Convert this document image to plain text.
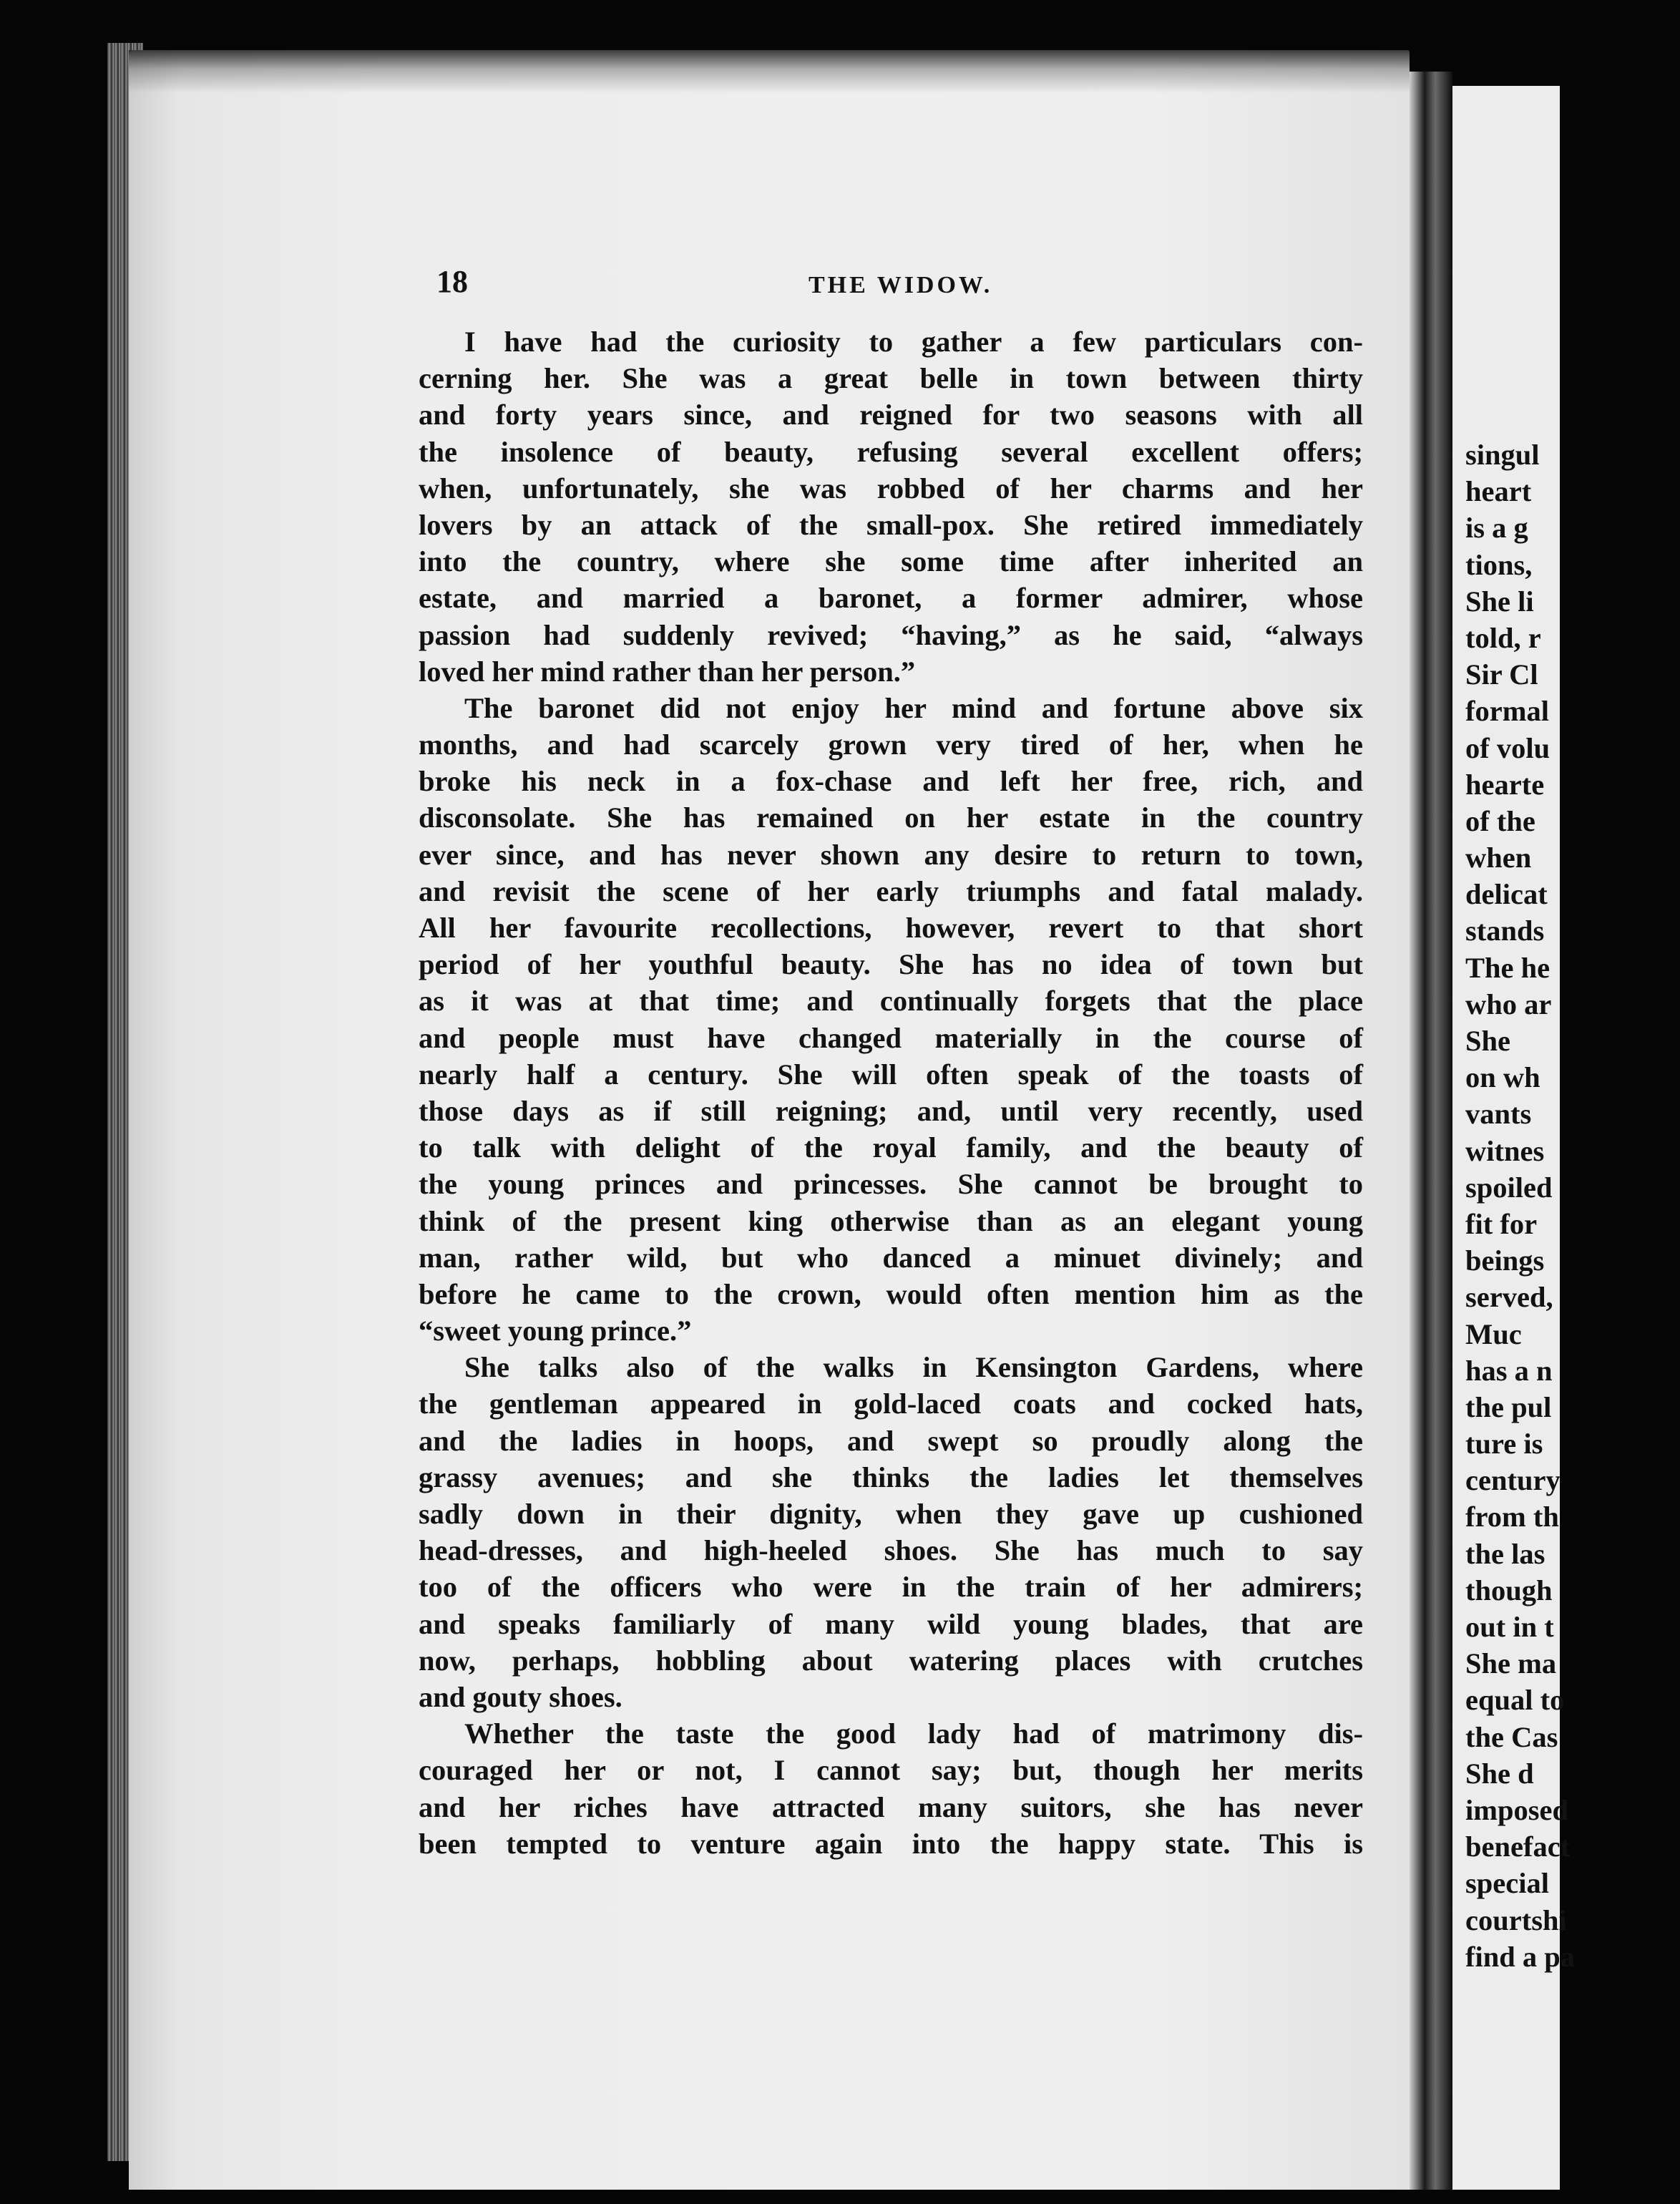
singul
heart
is a g
tions,
She li
told, r
Sir Cl
formal
of volu
hearte
of the
when
delicat
stands
The he
who ar
She
on wh
vants
witnes
spoiled
fit for
beings
served,
Muc
has a n
the pul
ture is
century
from th
the las
though
out in t
She ma
equal to
the Cas
She d
imposed
benefact
special
courtshi
find a pa
18	THE WIDOW.
I have had the curiosity to gather a few particulars con-
cerning her. She was a great belle in town between thirty
and forty years since, and reigned for two seasons with all
the insolence of beauty, refusing several excellent offers;
when, unfortunately, she was robbed of her charms and her
lovers by an attack of the small-pox. She retired immediately
into the country, where she some time after inherited an
estate, and married a baronet, a former admirer, whose
passion had suddenly revived; “having,” as he said, “always
loved her mind rather than her person.”
The baronet did not enjoy her mind and fortune above six
months, and had scarcely grown very tired of her, when he
broke his neck in a fox-chase and left her free, rich, and
disconsolate. She has remained on her estate in the country
ever since, and has never shown any desire to return to town,
and revisit the scene of her early triumphs and fatal malady.
All her favourite recollections, however, revert to that short
period of her youthful beauty. She has no idea of town but
as it was at that time; and continually forgets that the place
and people must have changed materially in the course of
nearly half a century. She will often speak of the toasts of
those days as if still reigning; and, until very recently, used
to talk with delight of the royal family, and the beauty of
the young princes and princesses. She cannot be brought to
think of the present king otherwise than as an elegant young
man, rather wild, but who danced a minuet divinely; and
before he came to the crown, would often mention him as the
“sweet young prince.”
She talks also of the walks in Kensington Gardens, where
the gentleman appeared in gold-laced coats and cocked hats,
and the ladies in hoops, and swept so proudly along the
grassy avenues; and she thinks the ladies let themselves
sadly down in their dignity, when they gave up cushioned
head-dresses, and high-heeled shoes. She has much to say
too of the officers who were in the train of her admirers;
and speaks familiarly of many wild young blades, that are
now, perhaps, hobbling about watering places with crutches
and gouty shoes.
Whether the taste the good lady had of matrimony dis-
couraged her or not, I cannot say; but, though her merits
and her riches have attracted many suitors, she has never
been tempted to venture again into the happy state. This is
